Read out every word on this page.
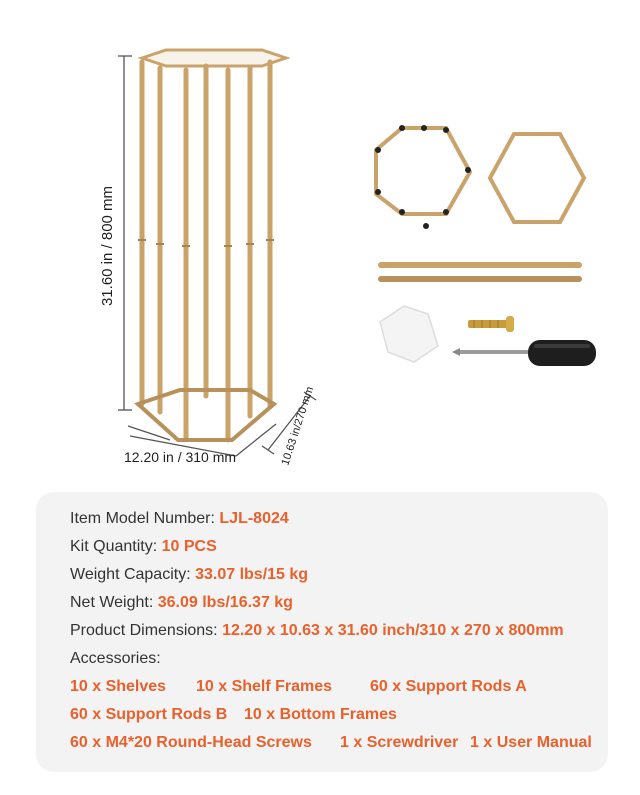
31.60 in / 800 mm
12.20 in / 310 mm	10.63 in/270 mm
Item Model Number: LJL-8024
Kit Quantity: 10 PCS
Weight Capacity: 33.07 lbs/15 kg
Net Weight: 36.09 lbs/16.37 kg
Product Dimensions: 12.20 x 10.63 x 31.60 inch/310 x 270 x 800mm
Accessories:
10 x Shelves 10 x Shelf Frames 60 x Support Rods A
60 x Support Rods B 10 x Bottom Frames
60 x M4*20 Round-Head Screws 1 x Screwdriver 1 x User Manual
